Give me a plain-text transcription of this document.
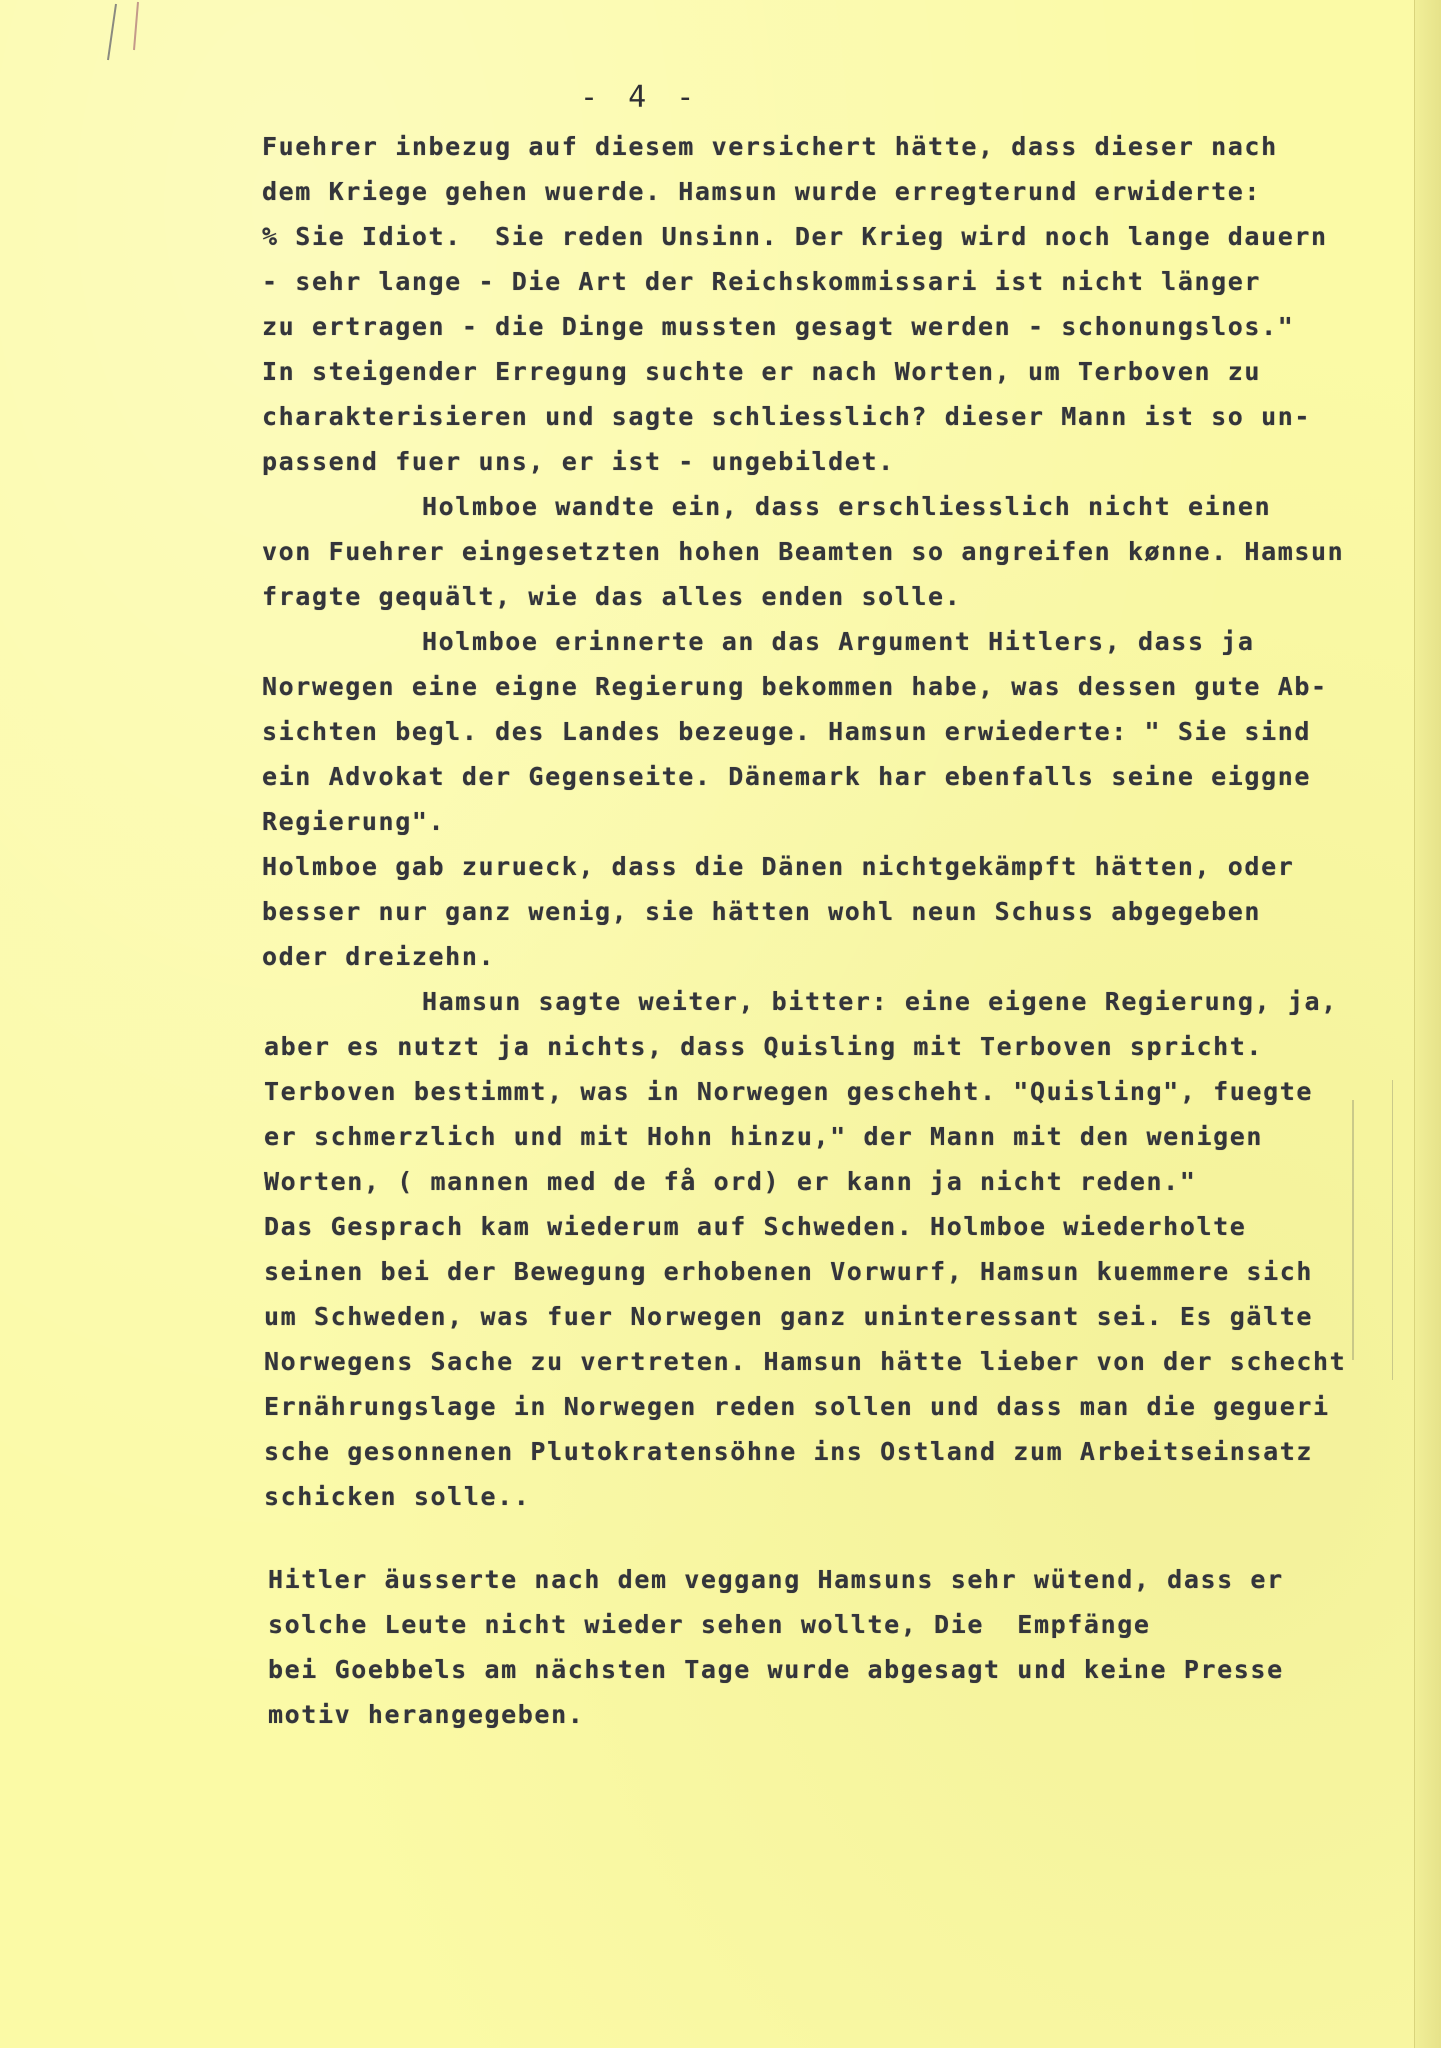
- 4 -
Fuehrer inbezug auf diesem versichert hätte, dass dieser nach
dem Kriege gehen wuerde. Hamsun wurde erregterund erwiderte:
% Sie Idiot.  Sie reden Unsinn. Der Krieg wird noch lange dauern
- sehr lange - Die Art der Reichskommissari ist nicht länger
zu ertragen - die Dinge mussten gesagt werden - schonungslos."
In steigender Erregung suchte er nach Worten, um Terboven zu
charakterisieren und sagte schliesslich? dieser Mann ist so un-
passend fuer uns, er ist - ungebildet.
Holmboe wandte ein, dass erschliesslich nicht einen
von Fuehrer eingesetzten hohen Beamten so angreifen kønne. Hamsun
fragte gequält, wie das alles enden solle.
Holmboe erinnerte an das Argument Hitlers, dass ja
Norwegen eine eigne Regierung bekommen habe, was dessen gute Ab-
sichten begl. des Landes bezeuge. Hamsun erwiederte: " Sie sind
ein Advokat der Gegenseite. Dänemark har ebenfalls seine eiggne
Regierung".
Holmboe gab zurueck, dass die Dänen nichtgekämpft hätten, oder
besser nur ganz wenig, sie hätten wohl neun Schuss abgegeben
oder dreizehn.
Hamsun sagte weiter, bitter: eine eigene Regierung, ja,
aber es nutzt ja nichts, dass Quisling mit Terboven spricht.
Terboven bestimmt, was in Norwegen gescheht. "Quisling", fuegte
er schmerzlich und mit Hohn hinzu," der Mann mit den wenigen
Worten, ( mannen med de få ord) er kann ja nicht reden."
Das Gesprach kam wiederum auf Schweden. Holmboe wiederholte
seinen bei der Bewegung erhobenen Vorwurf, Hamsun kuemmere sich
um Schweden, was fuer Norwegen ganz uninteressant sei. Es gälte
Norwegens Sache zu vertreten. Hamsun hätte lieber von der schecht
Ernährungslage in Norwegen reden sollen und dass man die gegueri
sche gesonnenen Plutokratensöhne ins Ostland zum Arbeitseinsatz
schicken solle..
Hitler äusserte nach dem veggang Hamsuns sehr wütend, dass er
solche Leute nicht wieder sehen wollte, Die  Empfänge
bei Goebbels am nächsten Tage wurde abgesagt und keine Presse
motiv herangegeben.
